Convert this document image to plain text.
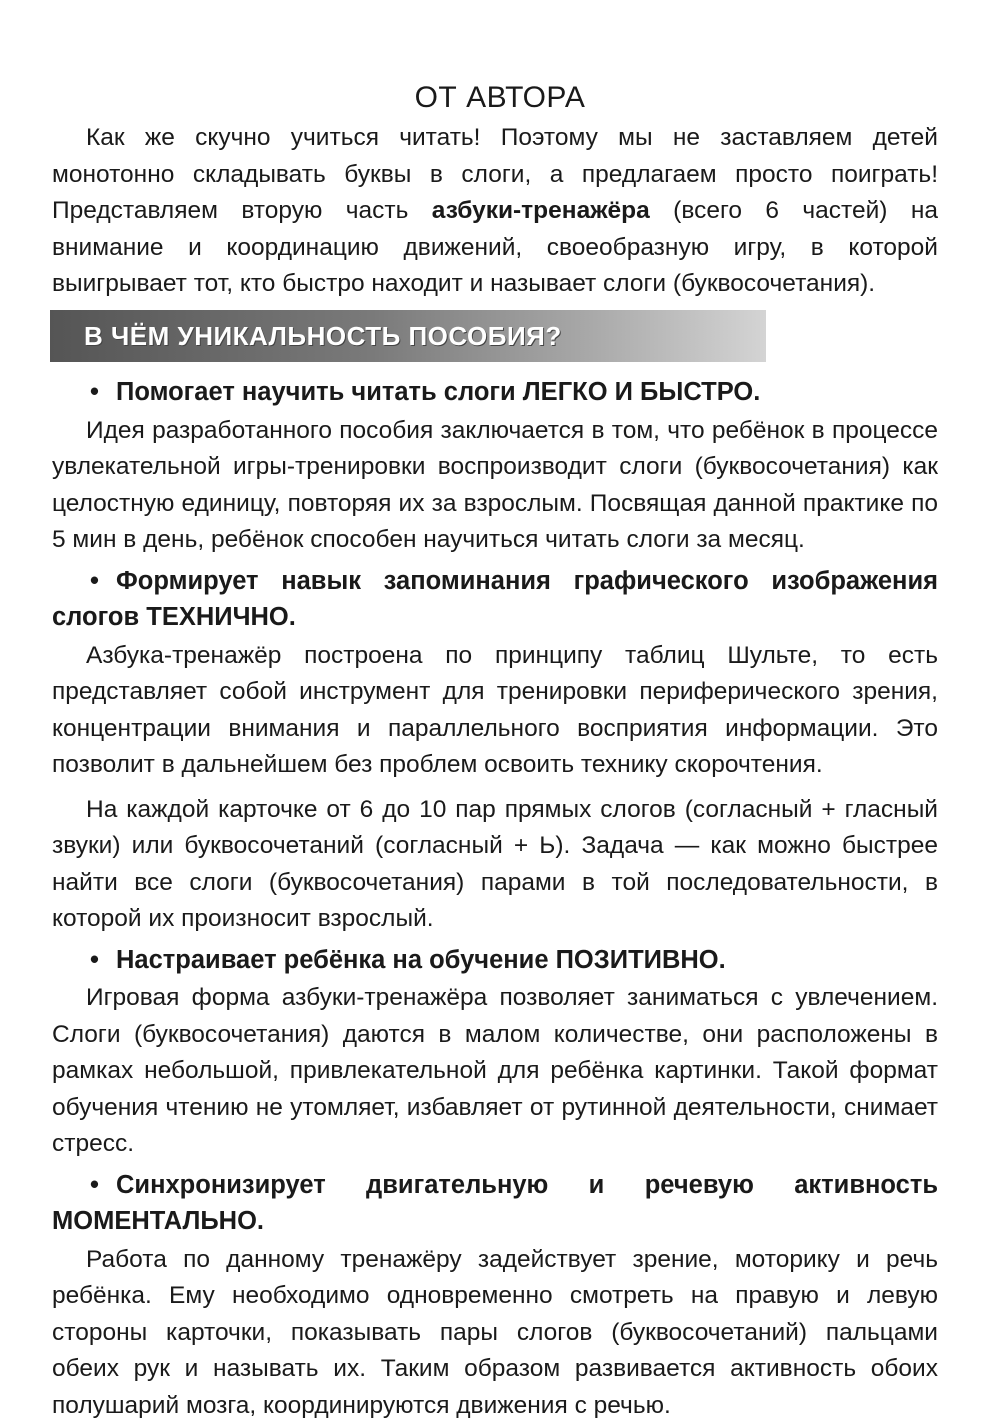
ОТ АВТОРА

Как же скучно учиться читать! Поэтому мы не заставляем детей монотонно складывать буквы в слоги, а предлагаем просто поиграть! Представляем вторую часть азбуки-тренажёра (всего 6 частей) на внимание и координацию движений, своеобразную игру, в которой выигрывает тот, кто быстро находит и называет слоги (буквосочетания).

В ЧЁМ УНИКАЛЬНОСТЬ ПОСОБИЯ?

• Помогает научить читать слоги ЛЕГКО И БЫСТРО.

Идея разработанного пособия заключается в том, что ребёнок в процессе увлекательной игры-тренировки воспроизводит слоги (буквосочетания) как целостную единицу, повторяя их за взрослым. Посвящая данной практике по 5 мин в день, ребёнок способен научиться читать слоги за месяц.

• Формирует навык запоминания графического изображения слогов ТЕХНИЧНО.

Азбука-тренажёр построена по принципу таблиц Шульте, то есть представляет собой инструмент для тренировки периферического зрения, концентрации внимания и параллельного восприятия информации. Это позволит в дальнейшем без проблем освоить технику скорочтения.

На каждой карточке от 6 до 10 пар прямых слогов (согласный + гласный звуки) или буквосочетаний (согласный + Ь). Задача — как можно быстрее найти все слоги (буквосочетания) парами в той последовательности, в которой их произносит взрослый.

• Настраивает ребёнка на обучение ПОЗИТИВНО.

Игровая форма азбуки-тренажёра позволяет заниматься с увлечением. Слоги (буквосочетания) даются в малом количестве, они расположены в рамках небольшой, привлекательной для ребёнка картинки. Такой формат обучения чтению не утомляет, избавляет от рутинной деятельности, снимает стресс.

• Синхронизирует двигательную и речевую активность МОМЕНТАЛЬНО.

Работа по данному тренажёру задействует зрение, моторику и речь ребёнка. Ему необходимо одновременно смотреть на правую и левую стороны карточки, показывать пары слогов (буквосочетаний) пальцами обеих рук и называть их. Таким образом развивается активность обоих полушарий мозга, координируются движения с речью.
